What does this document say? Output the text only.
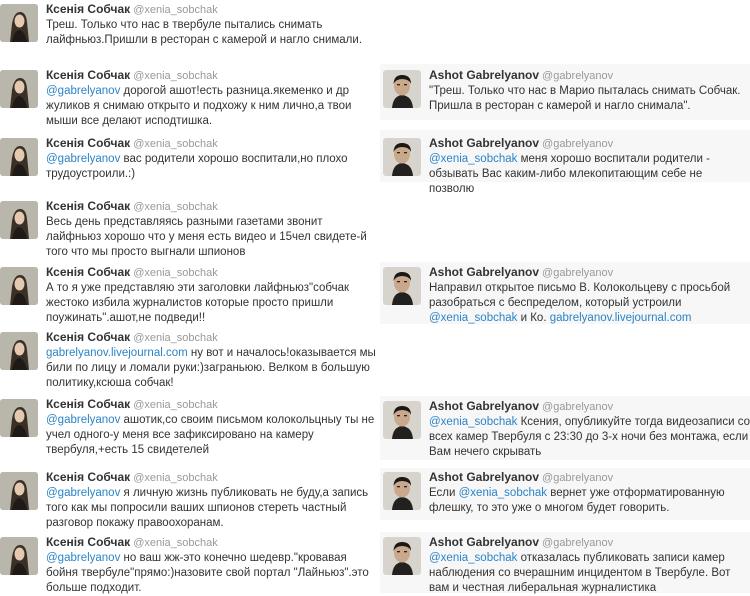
Ксенiя Собчак @xenia_sobchak
Треш. Только что нас в твербуле пытались снимать лайфньюз.Пришли в ресторан с камерой и нагло снимали.
Ксенiя Собчак @xenia_sobchak
@gabrelyanov дорогой ашот!есть разница.якеменко и др жуликов я снимаю открыто и подхожу к ним лично,а твои мыши все делают исподтишка.
Ксенiя Собчак @xenia_sobchak
@gabrelyanov вас родители хорошо воспитали,но плохо трудоустроили.:)
Ксенiя Собчак @xenia_sobchak
Весь день представляясь разными газетами звонит лайфньюз хорошо что у меня есть видео и 15чел свидете-й того что мы просто выгнали шпионов
Ксенiя Собчак @xenia_sobchak
А то я уже представляю эти заголовки лайфньюз"собчак жестоко избила журналистов которые просто пришли поужинать".ашот,не подведи!!
Ксенiя Собчак @xenia_sobchak
gabrelyanov.livejournal.com ну вот и началось!оказывается мы били по лицу и ломали руки:)заграньюю. Велком в большую политику,ксюша собчак!
Ксенiя Собчак @xenia_sobchak
@gabrelyanov ашотик,со своим письмом колокольцныу ты не учел одного-у меня все зафиксировано на камеру твербуля,+есть 15 свидетелей
Ксенiя Собчак @xenia_sobchak
@gabrelyanov я личную жизнь публиковать не буду,а запись того как мы попросили ваших шпионов стереть частный разговор покажу правоохоранам.
Ксенiя Собчак @xenia_sobchak
@gabrelyanov но ваш жж-это конечно шедевр."кровавая бойня твербуле"прямо:)назовите свой портал "Лайньюз".это больше подходит.
Ashot Gabrelyanov @gabrelyanov
"Треш. Только что нас в Марио пыталась снимать Собчак. Пришла в ресторан с камерой и нагло снимала".
Ashot Gabrelyanov @gabrelyanov
@xenia_sobchak меня хорошо воспитали родители - обзывать Вас каким-либо млекопитающим себе не позволю
Ashot Gabrelyanov @gabrelyanov
Направил открытое письмо В. Колокольцеву с просьбой разобраться с беспределом, который устроили @xenia_sobchak и Ко. gabrelyanov.livejournal.com
Ashot Gabrelyanov @gabrelyanov
@xenia_sobchak Ксения, опубликуйте тогда видеозаписи со всех камер Твербуля с 23:30 до 3-х ночи без монтажа, если Вам нечего скрывать
Ashot Gabrelyanov @gabrelyanov
Если @xenia_sobchak вернет уже отформатированную флешку, то это уже о многом будет говорить.
Ashot Gabrelyanov @gabrelyanov
@xenia_sobchak отказалась публиковать записи камер наблюдения со вчерашним инцидентом в Твербуле. Вот вам и честная либеральная журналистика
